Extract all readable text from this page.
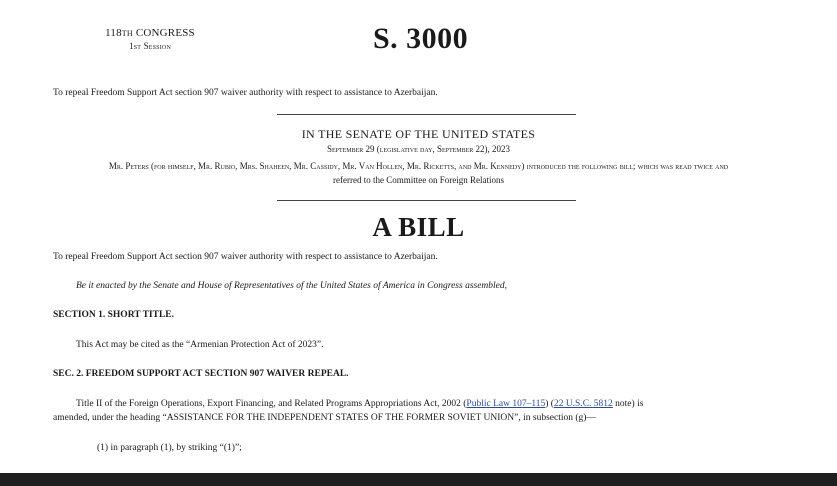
118th CONGRESS
1st Session	S. 3000
To repeal Freedom Support Act section 907 waiver authority with respect to assistance to Azerbaijan.
IN THE SENATE OF THE UNITED STATES
September 29 (legislative day, September 22), 2023
Mr. Peters (for himself, Mr. Rubio, Mrs. Shaheen, Mr. Cassidy, Mr. Van Hollen, Mr. Ricketts, and Mr. Kennedy) introduced the following bill; which was read twice and
referred to the Committee on Foreign Relations
A BILL
To repeal Freedom Support Act section 907 waiver authority with respect to assistance to Azerbaijan.
Be it enacted by the Senate and House of Representatives of the United States of America in Congress assembled,
SECTION 1. SHORT TITLE.
This Act may be cited as the “Armenian Protection Act of 2023”.
SEC. 2. FREEDOM SUPPORT ACT SECTION 907 WAIVER REPEAL.
Title II of the Foreign Operations, Export Financing, and Related Programs Appropriations Act, 2002 (Public Law 107–115) (22 U.S.C. 5812 note) is
amended, under the heading “ASSISTANCE FOR THE INDEPENDENT STATES OF THE FORMER SOVIET UNION”, in subsection (g)—
(1) in paragraph (1), by striking “(1)”;
